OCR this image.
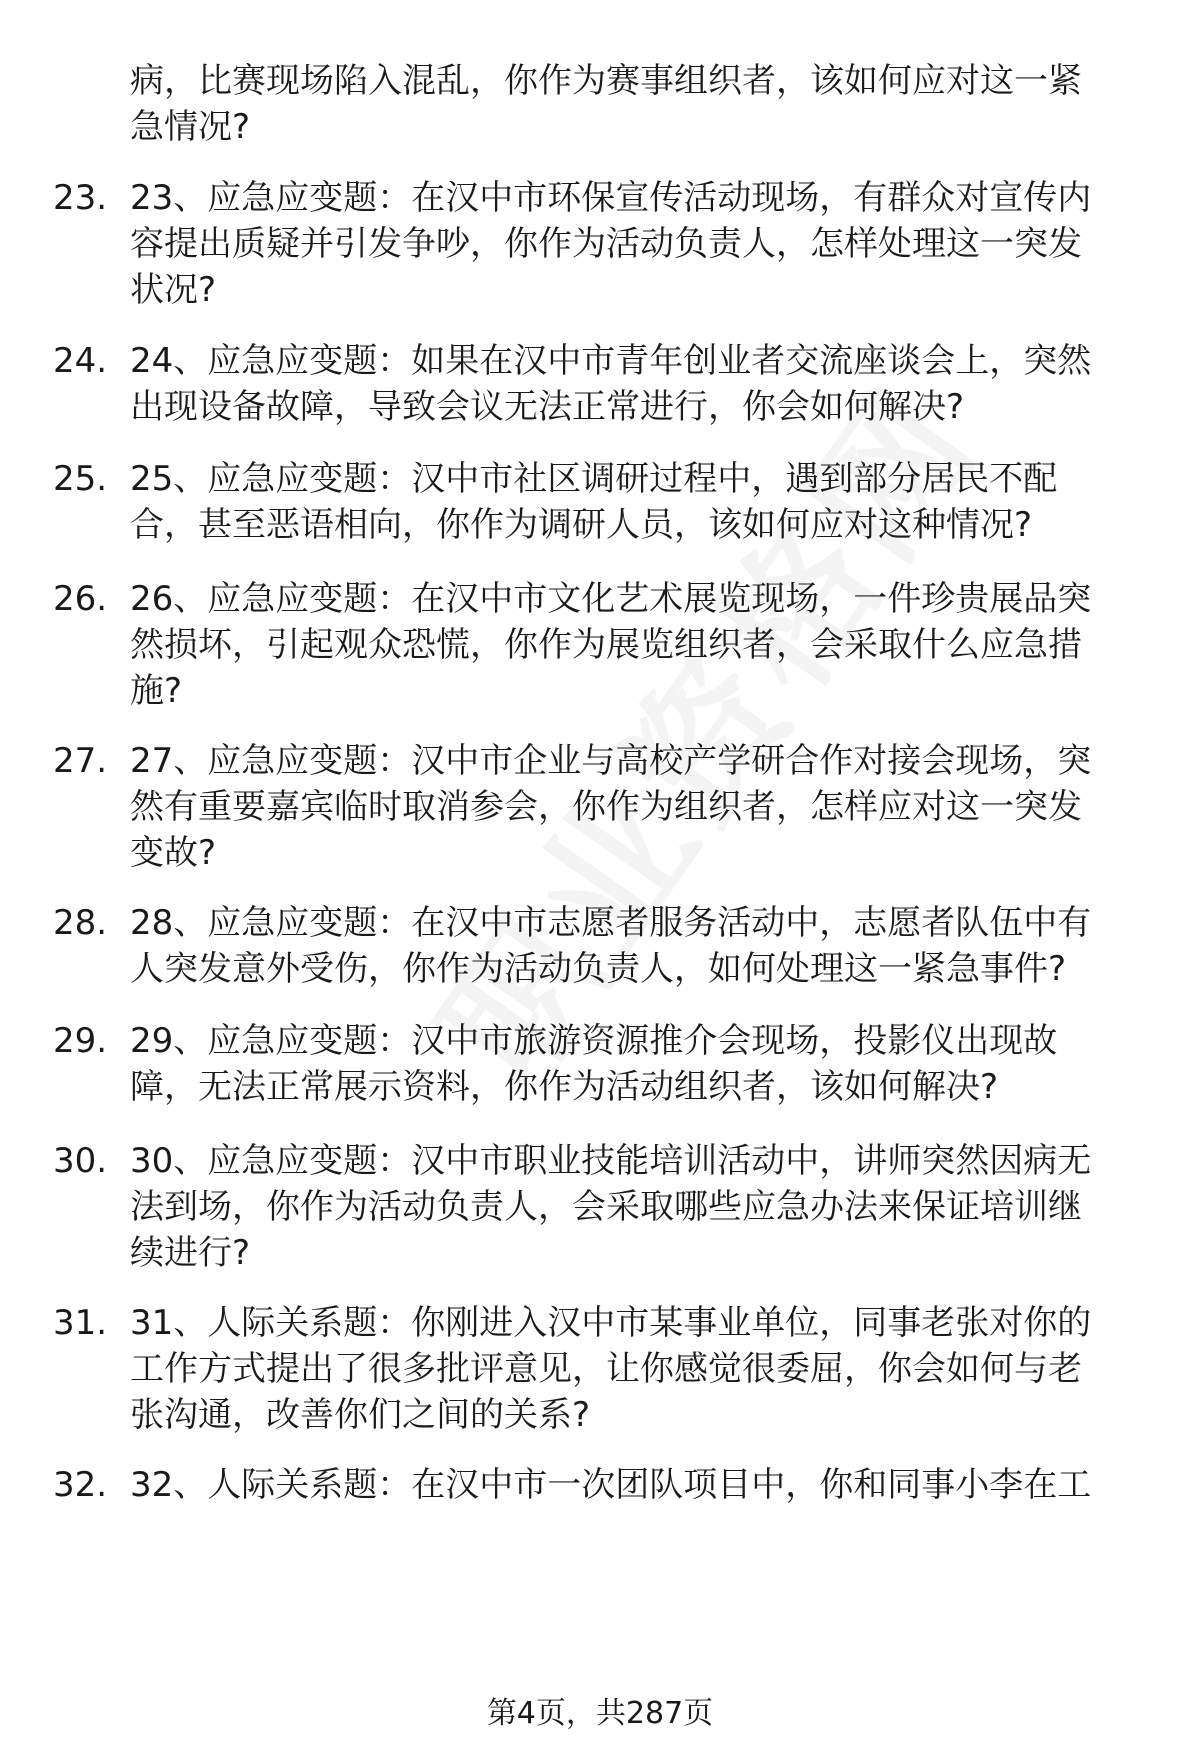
病，比赛现场陷入混乱，你作为赛事组织者，该如何应对这一紧
急情况?
23. 23、应急应变题：在汉中市环保宣传活动现场，有群众对宣传内
容提出质疑并引发争吵，你作为活动负责人，怎样处理这一突发
状况?
24. 24、应急应变题：如果在汉中市青年创业者交流座谈会上，突然
出现设备故障，导致会议无法正常进行，你会如何解决?
25. 25、应急应变题：汉中市社区调研过程中，遇到部分居民不配
合，甚至恶语相向，你作为调研人员，该如何应对这种情况?
26. 26、应急应变题：在汉中市文化艺术展览现场，一件珍贵展品突
然损坏，引起观众恐慌，你作为展览组织者，会采取什么应急措
施?
27. 27、应急应变题：汉中市企业与高校产学研合作对接会现场，突
然有重要嘉宾临时取消参会，你作为组织者，怎样应对这一突发
变故?
28. 28、应急应变题：在汉中市志愿者服务活动中，志愿者队伍中有
人突发意外受伤，你作为活动负责人，如何处理这一紧急事件?
29. 29、应急应变题：汉中市旅游资源推介会现场，投影仪出现故
障，无法正常展示资料，你作为活动组织者，该如何解决?
30. 30、应急应变题：汉中市职业技能培训活动中，讲师突然因病无
法到场，你作为活动负责人，会采取哪些应急办法来保证培训继
续进行?
31. 31、人际关系题：你刚进入汉中市某事业单位，同事老张对你的
工作方式提出了很多批评意见，让你感觉很委屈，你会如何与老
张沟通，改善你们之间的关系?
32. 32、人际关系题：在汉中市一次团队项目中，你和同事小李在工
第4页，共287页
